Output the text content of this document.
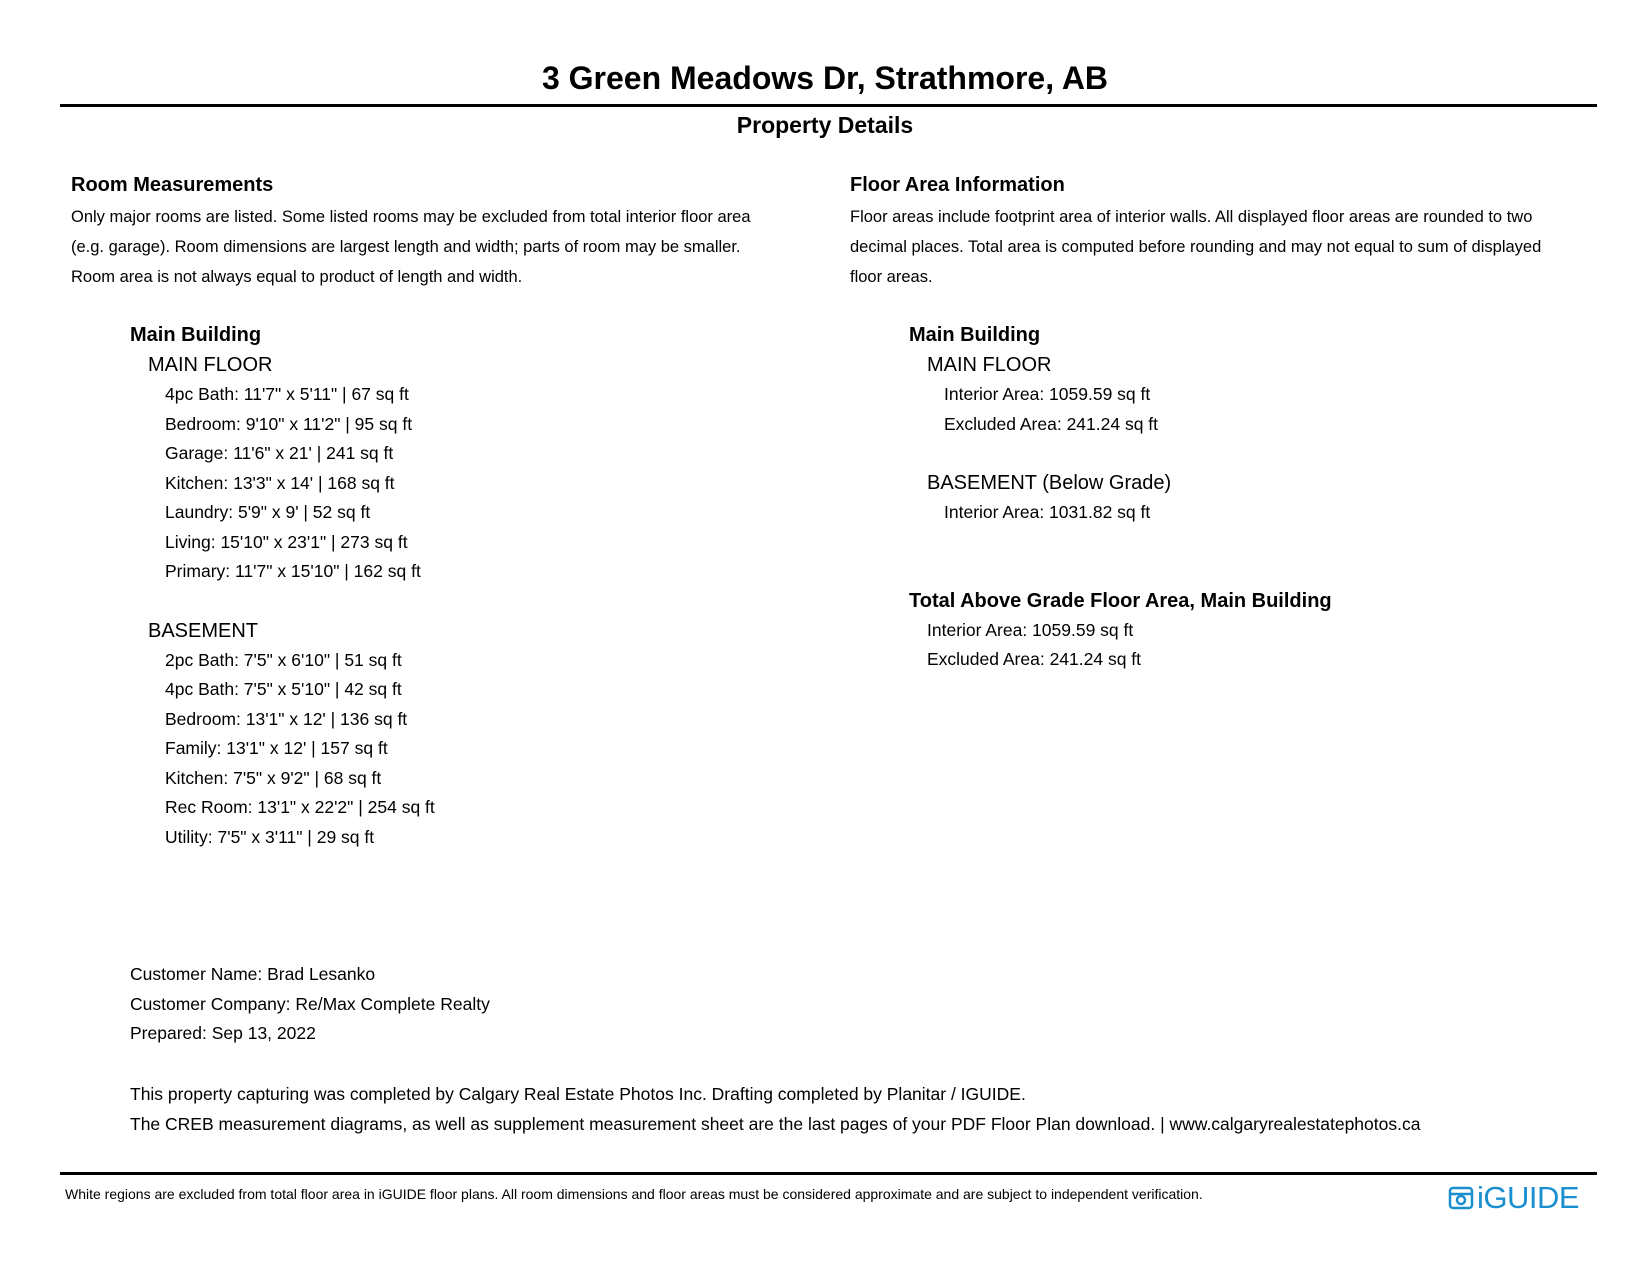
3 Green Meadows Dr, Strathmore, AB
Property Details

Room Measurements

Only major rooms are listed. Some listed rooms may be excluded from total interior floor area

(e.g. garage). Room dimensions are largest length and width; parts of room may be smaller.

Room area is not always equal to product of length and width.

Main Building

MAIN FLOOR

4pc Bath: 11'7" x 5'11" | 67 sq ft

Bedroom: 9'10" x 11'2" | 95 sq ft

Garage: 11'6" x 21' | 241 sq ft

Kitchen: 13'3" x 14' | 168 sq ft

Laundry: 5'9" x 9' | 52 sq ft

Living: 15'10" x 23'1" | 273 sq ft

Primary: 11'7" x 15'10" | 162 sq ft

BASEMENT

2pc Bath: 7'5" x 6'10" | 51 sq ft

4pc Bath: 7'5" x 5'10" | 42 sq ft

Bedroom: 13'1" x 12' | 136 sq ft

Family: 13'1" x 12' | 157 sq ft

Kitchen: 7'5" x 9'2" | 68 sq ft

Rec Room: 13'1" x 22'2" | 254 sq ft

Utility: 7'5" x 3'11" | 29 sq ft

Floor Area Information

Floor areas include footprint area of interior walls. All displayed floor areas are rounded to two

decimal places. Total area is computed before rounding and may not equal to sum of displayed

floor areas.

Main Building

MAIN FLOOR

Interior Area: 1059.59 sq ft

Excluded Area: 241.24 sq ft

BASEMENT (Below Grade)

Interior Area: 1031.82 sq ft

Total Above Grade Floor Area, Main Building

Interior Area: 1059.59 sq ft

Excluded Area: 241.24 sq ft

Customer Name: Brad Lesanko

Customer Company: Re/Max Complete Realty

Prepared: Sep 13, 2022

This property capturing was completed by Calgary Real Estate Photos Inc. Drafting completed by Planitar / IGUIDE.

The CREB measurement diagrams, as well as supplement measurement sheet are the last pages of your PDF Floor Plan download. | www.calgaryrealestatephotos.ca

White regions are excluded from total floor area in iGUIDE floor plans. All room dimensions and floor areas must be considered approximate and are subject to independent verification.	iGUIDE
